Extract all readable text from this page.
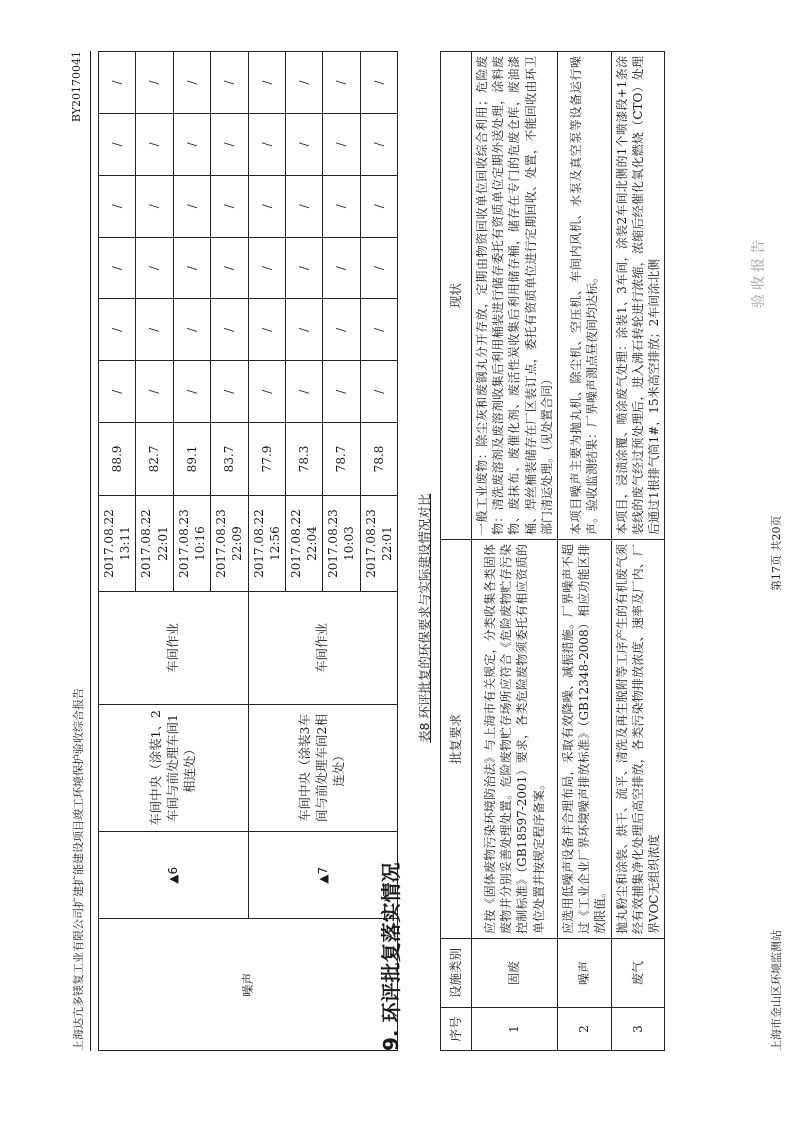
上海达亢多镁复工业有限公司扩建扩能建设项目竣工环境保护验收综合报告
BY20170041
噪声	▲6	车间中央（涂装1、2车间与前处理车间1相连处）	车间作业	2017.08.22 13:11	88.9	/	/	/	/	/	/
				2017.08.22 22:01	82.7	/	/	/	/	/	/
				2017.08.23 10:16	89.1	/	/	/	/	/	/
				2017.08.23 22:09	83.7	/	/	/	/	/	/
	▲7	车间中央（涂装3车间与前处理车间2相连处）	车间作业	2017.08.22 12:56	77.9	/	/	/	/	/	/
				2017.08.22 22:04	78.3	/	/	/	/	/	/
				2017.08.23 10:03	78.7	/	/	/	/	/	/
				2017.08.23 22:01	78.8	/	/	/	/	/	/
9. 环评批复落实情况
表8 环评批复的环保要求与实际建设情况对比
序号	设施类别	批复要求	现状
1	固废	应按《固体废物污染环境防治法》与上海市有关规定，分类收集各类固体废物并分别妥善处理处置。危险废物贮存场所应符合《危险废物贮存污染控制标准》（GB18597-2001）要求，各类危险废物须委托有相应资质的单位处置并按规定程序备案。	一般工业废物：除尘灰和废钢丸分开存放，定期由物资回收单位回收综合利用；危险废物：清洗废溶剂及废溶剂收集后利用桶装进行储存委托有资质单位定期外送处理，涂料废物、废抹布、废催化剂、废活性炭收集后利用储存桶，储存在专门的危废仓库，废油漆桶、焊丝桶装储存在厂区装订点，委托有资质单位进行定期回收、处置，不能回收由环卫部门清运处理。（见处置合同）
2	噪声	应选用低噪声设备并合理布局，采取有效降噪、减振措施。厂界噪声不超过《工业企业厂界环境噪声排放标准》（GB12348-2008）相应功能区排放限值。	本项目噪声主要为抛丸机、除尘机、空压机、车间内风机、水泵及真空泵等设备运行噪声。验收监测结果：厂界噪声测点昼夜间均达标。
3	废气	抛丸粉尘和涂装、烘干、流平、清洗及再生脱附等工序产生的有机废气须经有效捕集净化处理后高空排放，各类污染物排放浓度、速率及厂内、厂界VOC无组织浓度	本项目，浸渍涂覆、喷涂废气处理：涂装1、3车间，涂装2车间北侧的1个喷漆段+1条涂装线的废气经过预处理后，进入沸石转轮进行浓缩，浓缩后经催化氧化燃烧（CTO）处理后通过1根排气筒1#，15米高空排放；2车间涂北侧
上海市金山区环境监测站
第17页 共20页
验收报告
